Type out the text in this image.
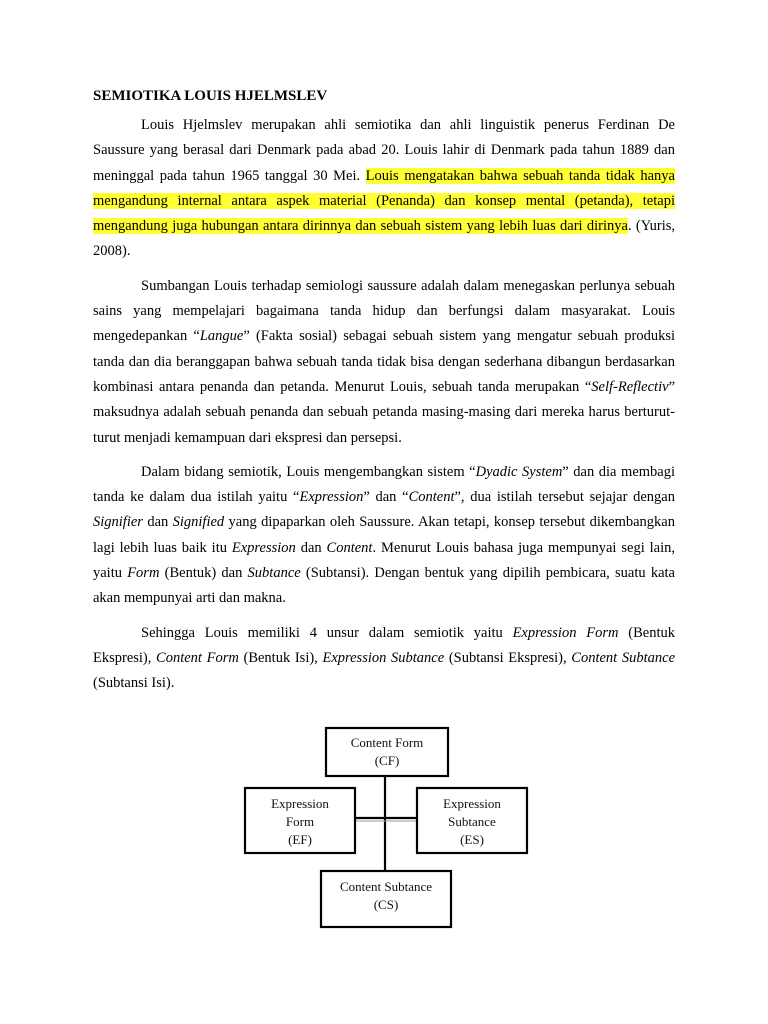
SEMIOTIKA LOUIS HJELMSLEV

Louis Hjelmslev merupakan ahli semiotika dan ahli linguistik penerus Ferdinan De Saussure yang berasal dari Denmark pada abad 20. Louis lahir di Denmark pada tahun 1889 dan meninggal pada tahun 1965 tanggal 30 Mei. Louis mengatakan bahwa sebuah tanda tidak hanya mengandung internal antara aspek material (Penanda) dan konsep mental (petanda), tetapi mengandung juga hubungan antara dirinnya dan sebuah sistem yang lebih luas dari dirinya. (Yuris, 2008).

Sumbangan Louis terhadap semiologi saussure adalah dalam menegaskan perlunya sebuah sains yang mempelajari bagaimana tanda hidup dan berfungsi dalam masyarakat. Louis mengedepankan “Langue” (Fakta sosial) sebagai sebuah sistem yang mengatur sebuah produksi tanda dan dia beranggapan bahwa sebuah tanda tidak bisa dengan sederhana dibangun berdasarkan kombinasi antara penanda dan petanda. Menurut Louis, sebuah tanda merupakan “Self-Reflectiv” maksudnya adalah sebuah penanda dan sebuah petanda masing-masing dari mereka harus berturut-turut menjadi kemampuan dari ekspresi dan persepsi.

Dalam bidang semiotik, Louis mengembangkan sistem “Dyadic System” dan dia membagi tanda ke dalam dua istilah yaitu “Expression” dan “Content”, dua istilah tersebut sejajar dengan Signifier dan Signified yang dipaparkan oleh Saussure. Akan tetapi, konsep tersebut dikembangkan lagi lebih luas baik itu Expression dan Content. Menurut Louis bahasa juga mempunyai segi lain, yaitu Form (Bentuk) dan Subtance (Subtansi). Dengan bentuk yang dipilih pembicara, suatu kata akan mempunyai arti dan makna.

Sehingga Louis memiliki 4 unsur dalam semiotik yaitu Expression Form (Bentuk Ekspresi), Content Form (Bentuk Isi), Expression Subtance (Subtansi Ekspresi), Content Subtance (Subtansi Isi).

Content Form
(CF)
Expression
Form
(EF)
Expression
Subtance
(ES)
Content Subtance
(CS)
